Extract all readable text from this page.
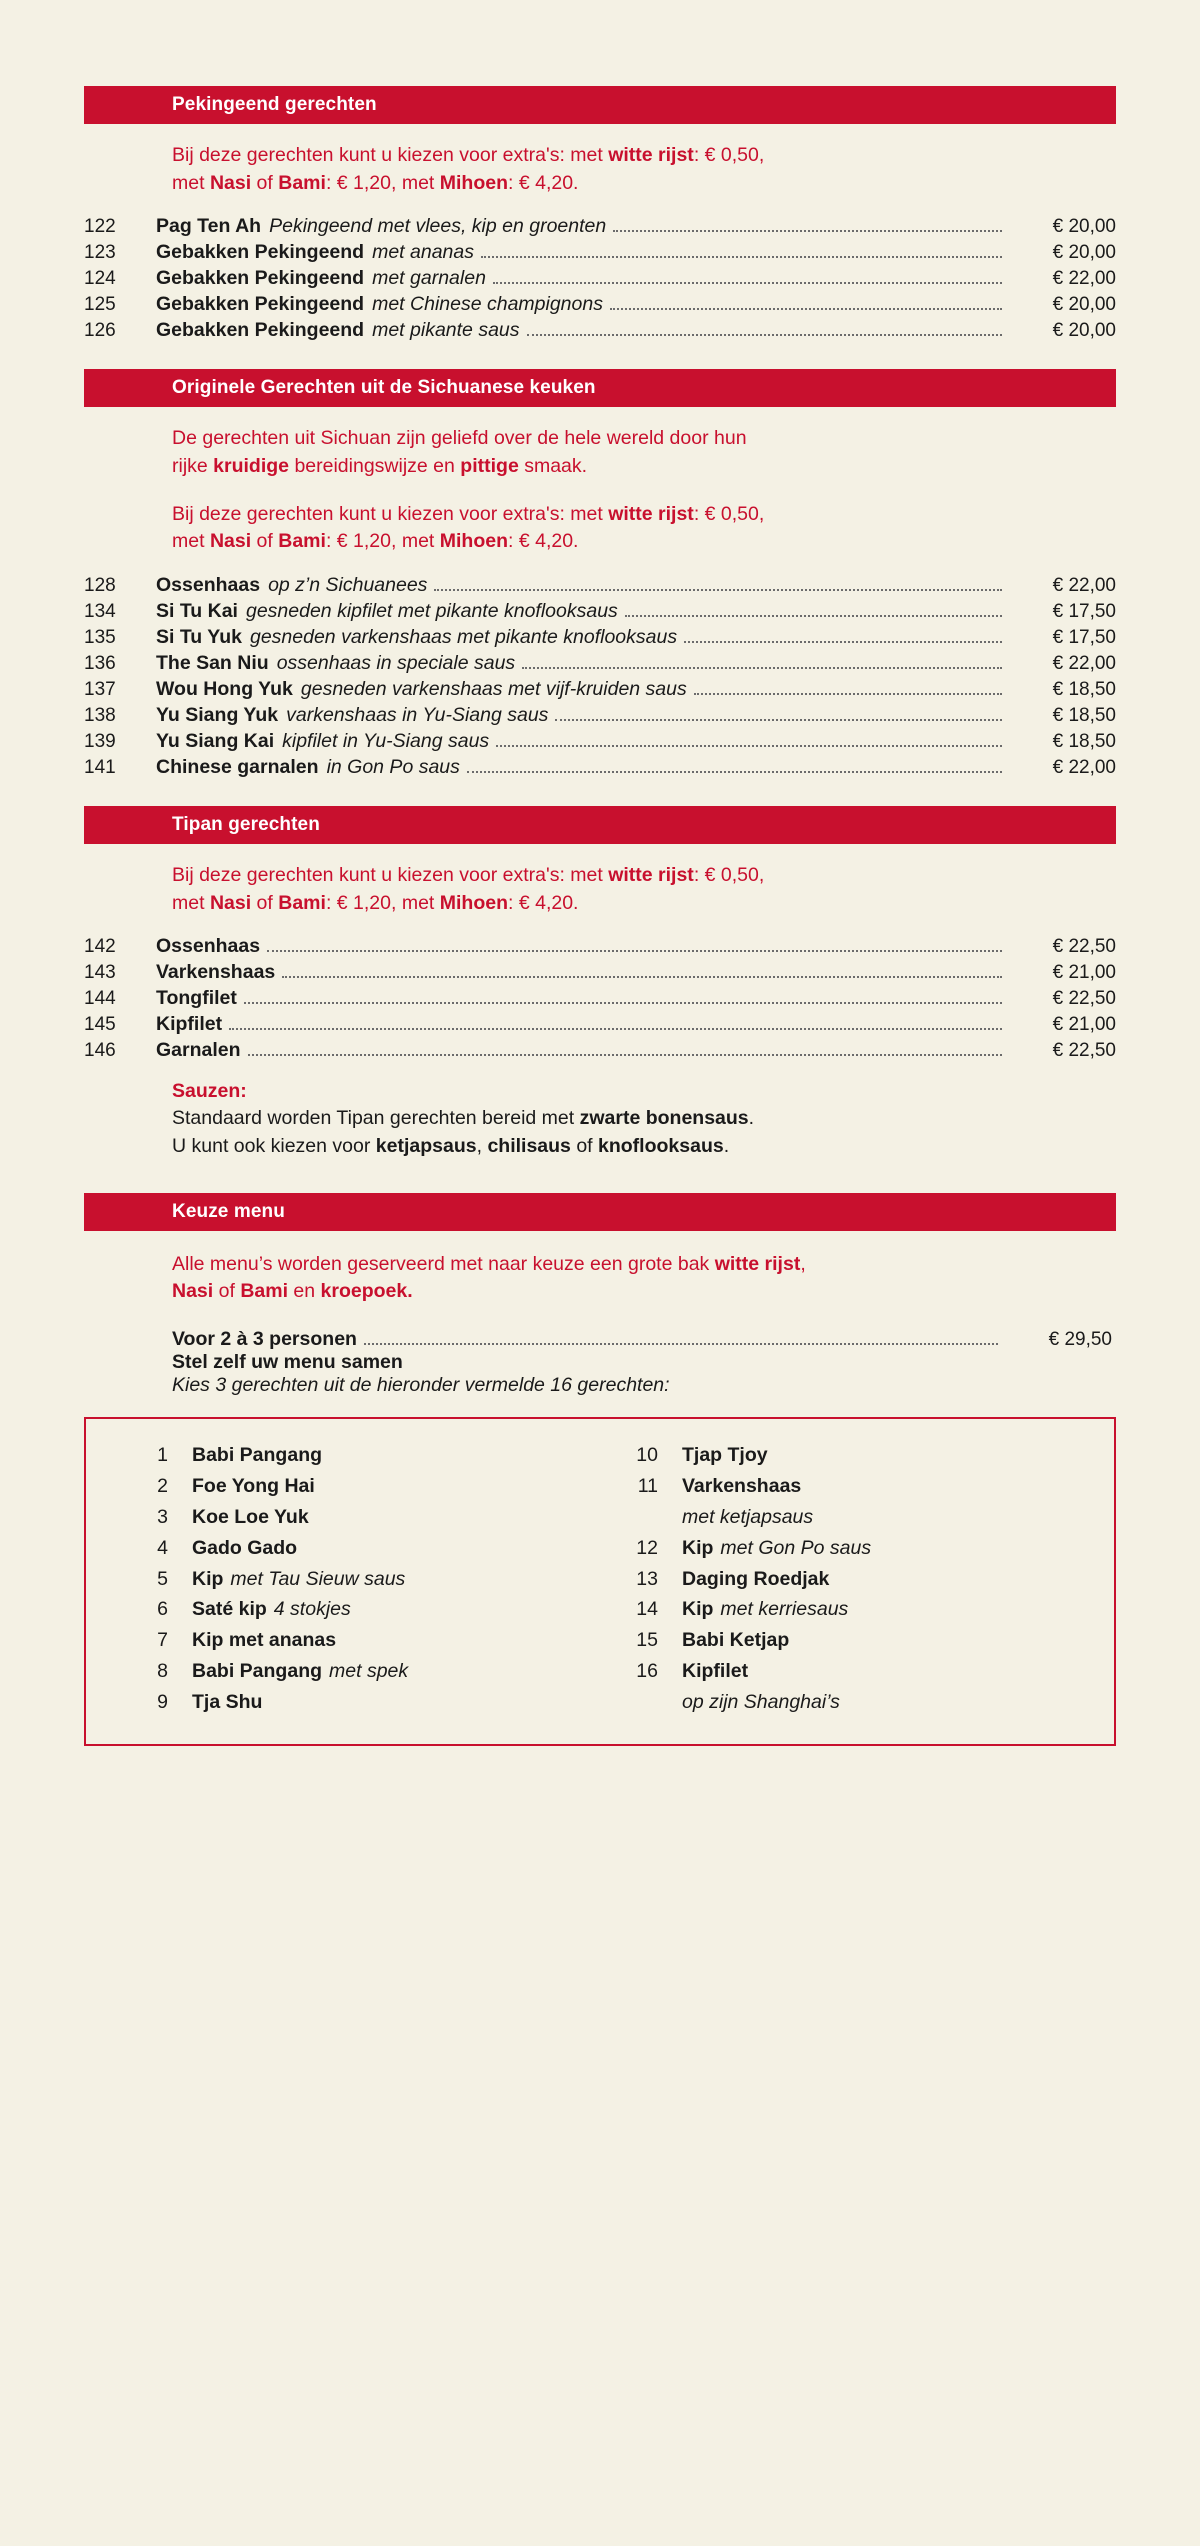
Pekingeend gerechten
Bij deze gerechten kunt u kiezen voor extra's: met witte rijst: € 0,50,
met Nasi of Bami: € 1,20, met Mihoen: € 4,20.
122	Pag Ten Ah Pekingeend met vlees, kip en groenten	€ 20,00
123	Gebakken Pekingeend met ananas	€ 20,00
124	Gebakken Pekingeend met garnalen	€ 22,00
125	Gebakken Pekingeend met Chinese champignons	€ 20,00
126	Gebakken Pekingeend met pikante saus	€ 20,00
Originele Gerechten uit de Sichuanese keuken
De gerechten uit Sichuan zijn geliefd over de hele wereld door hun
rijke kruidige bereidingswijze en pittige smaak.
Bij deze gerechten kunt u kiezen voor extra's: met witte rijst: € 0,50,
met Nasi of Bami: € 1,20, met Mihoen: € 4,20.
128	Ossenhaas op z’n Sichuanees	€ 22,00
134	Si Tu Kai gesneden kipfilet met pikante knoflooksaus	€ 17,50
135	Si Tu Yuk gesneden varkenshaas met pikante knoflooksaus	€ 17,50
136	The San Niu ossenhaas in speciale saus	€ 22,00
137	Wou Hong Yuk gesneden varkenshaas met vijf-kruiden saus	€ 18,50
138	Yu Siang Yuk varkenshaas in Yu-Siang saus	€ 18,50
139	Yu Siang Kai kipfilet in Yu-Siang saus	€ 18,50
141	Chinese garnalen in Gon Po saus	€ 22,00
Tipan gerechten
Bij deze gerechten kunt u kiezen voor extra's: met witte rijst: € 0,50,
met Nasi of Bami: € 1,20, met Mihoen: € 4,20.
142	Ossenhaas	€ 22,50
143	Varkenshaas	€ 21,00
144	Tongfilet	€ 22,50
145	Kipfilet	€ 21,00
146	Garnalen	€ 22,50
Sauzen:
Standaard worden Tipan gerechten bereid met zwarte bonensaus.
U kunt ook kiezen voor ketjapsaus, chilisaus of knoflooksaus.
Keuze menu
Alle menu’s worden geserveerd met naar keuze een grote bak witte rijst,
Nasi of Bami en kroepoek.
Voor 2 à 3 personen	€ 29,50
Stel zelf uw menu samen
Kies 3 gerechten uit de hieronder vermelde 16 gerechten:
1	Babi Pangang
2	Foe Yong Hai
3	Koe Loe Yuk
4	Gado Gado
5	Kip met Tau Sieuw saus
6	Saté kip 4 stokjes
7	Kip met ananas
8	Babi Pangang met spek
9	Tja Shu
10	Tjap Tjoy
11	Varkenshaas
met ketjapsaus
12	Kip met Gon Po saus
13	Daging Roedjak
14	Kip met kerriesaus
15	Babi Ketjap
16	Kipfilet
op zijn Shanghai’s
